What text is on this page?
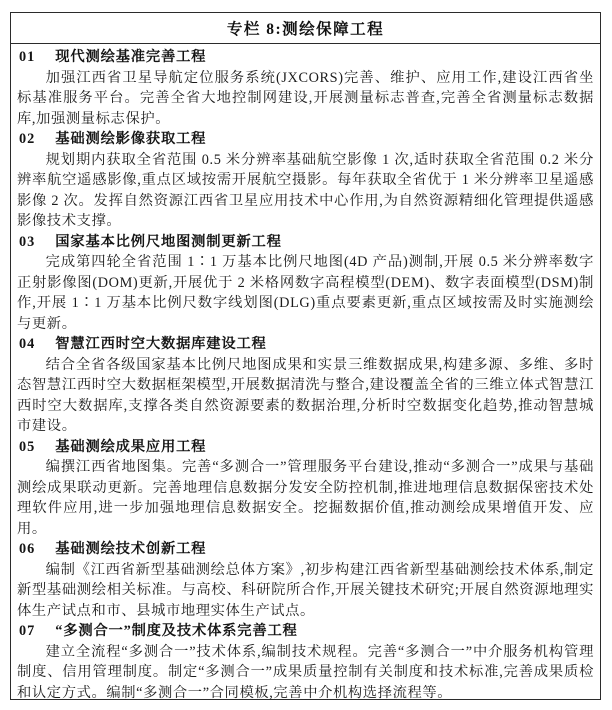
专栏 8:测绘保障工程
01 现代测绘基准完善工程

加强江西省卫星导航定位服务系统(JXCORS)完善、维护、应用工作,建设江西省坐标基准服务平台。完善全省大地控制网建设,开展测量标志普查,完善全省测量标志数据库,加强测量标志保护。

02 基础测绘影像获取工程

规划期内获取全省范围 0.5 米分辨率基础航空影像 1 次,适时获取全省范围 0.2 米分辨率航空遥感影像,重点区域按需开展航空摄影。每年获取全省优于 1 米分辨率卫星遥感影像 2 次。发挥自然资源江西省卫星应用技术中心作用,为自然资源精细化管理提供遥感影像技术支撑。

03 国家基本比例尺地图测制更新工程

完成第四轮全省范围 1∶1 万基本比例尺地图(4D 产品)测制,开展 0.5 米分辨率数字正射影像图(DOM)更新,开展优于 2 米格网数字高程模型(DEM)、数字表面模型(DSM)制作,开展 1∶1 万基本比例尺数字线划图(DLG)重点要素更新,重点区域按需及时实施测绘与更新。

04 智慧江西时空大数据库建设工程

结合全省各级国家基本比例尺地图成果和实景三维数据成果,构建多源、多维、多时态智慧江西时空大数据框架模型,开展数据清洗与整合,建设覆盖全省的三维立体式智慧江西时空大数据库,支撑各类自然资源要素的数据治理,分析时空数据变化趋势,推动智慧城市建设。

05 基础测绘成果应用工程

编撰江西省地图集。完善“多测合一”管理服务平台建设,推动“多测合一”成果与基础测绘成果联动更新。完善地理信息数据分发安全防控机制,推进地理信息数据保密技术处理软件应用,进一步加强地理信息数据安全。挖掘数据价值,推动测绘成果增值开发、应用。

06 基础测绘技术创新工程

编制《江西省新型基础测绘总体方案》,初步构建江西省新型基础测绘技术体系,制定新型基础测绘相关标准。与高校、科研院所合作,开展关键技术研究;开展自然资源地理实体生产试点和市、县城市地理实体生产试点。

07 “多测合一”制度及技术体系完善工程

建立全流程“多测合一”技术体系,编制技术规程。完善“多测合一”中介服务机构管理制度、信用管理制度。制定“多测合一”成果质量控制有关制度和技术标准,完善成果质检和认定方式。编制“多测合一”合同模板,完善中介机构选择流程等。
